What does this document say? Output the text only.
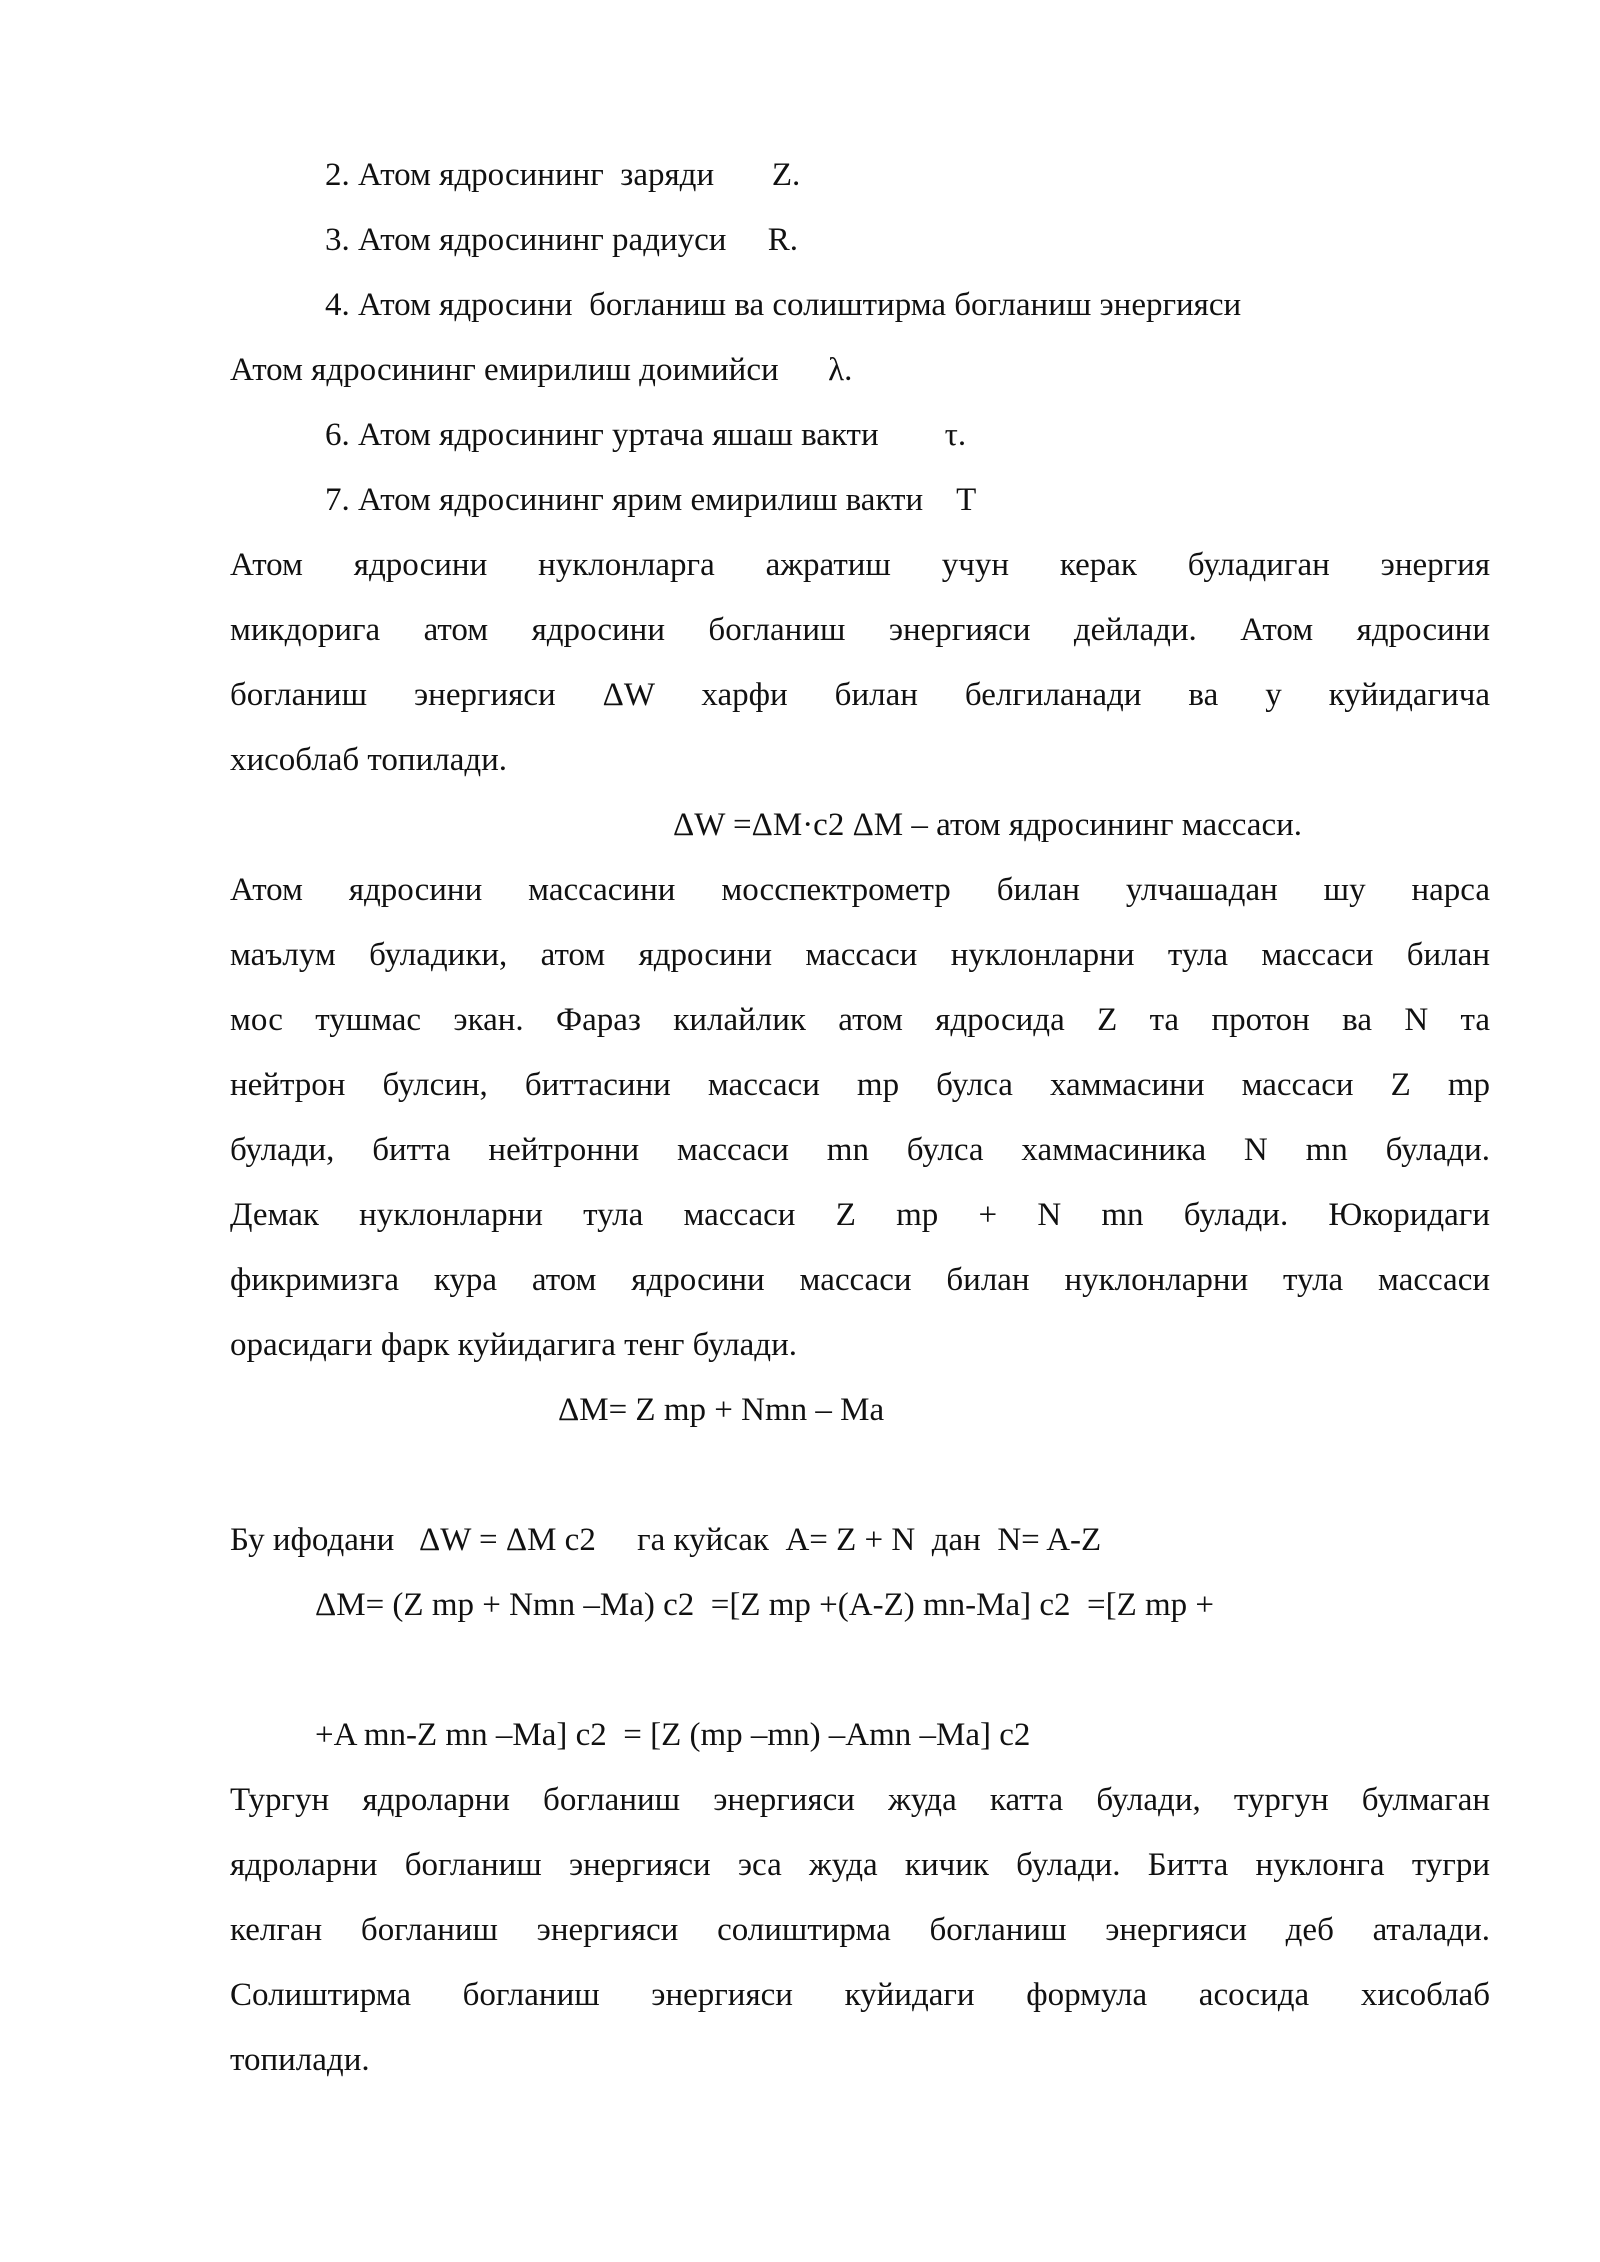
2. Атом ядросининг  заряди       Z.
3. Атом ядросининг радиуси     R.
4. Атом ядросини  богланиш ва солиштирма богланиш энергияси
Атом ядросининг емирилиш доимийси      λ.
6. Атом ядросининг уртача яшаш вакти        τ.
7. Атом ядросининг ярим емирилиш вакти    Т
Атом ядросини нуклонларга ажратиш учун керак буладиган энергия
микдорига атом ядросини богланиш энергияси дейлади. Атом ядросини
богланиш энергияси ΔW харфи билан белгиланади ва у куйидагича
хисоблаб топилади.
ΔW =ΔM·c2 ΔM – атом ядросининг массаси.
Атом ядросини массасини мосспектрометр билан улчашадан шу нарса
маълум буладики, атом ядросини массаси нуклонларни тула массаси билан
мос тушмас экан. Фараз килайлик атом ядросида Z та протон ва N та
нейтрон булсин, биттасини массаси mp булса хаммасини массаси Z mp
булади, битта нейтронни массаси mn булса хаммасиника N mn булади.
Демак нуклонларни тула массаси Z mp + N mn булади. Юкоридаги
фикримизга кура атом ядросини массаси билан нуклонларни тула массаси
орасидаги фарк куйидагига тенг булади.
ΔM= Z mp + Nmn – Ma
Бу ифодани   ΔW = ΔM c2     га куйсак  A= Z + N  дан  N= A-Z
ΔM= (Z mp + Nmn –Ma) c2  =[Z mp +(A-Z) mn-Ma] c2  =[Z mp +
+A mn-Z mn –Ma] c2  = [Z (mp –mn) –Amn –Ma] c2
Тургун ядроларни богланиш энергияси жуда катта булади, тургун булмаган
ядроларни богланиш энергияси эса жуда кичик булади. Битта нуклонга тугри
келган богланиш энергияси солиштирма богланиш энергияси деб аталади.
Солиштирма богланиш энергияси куйидаги формула асосида хисоблаб
топилади.
